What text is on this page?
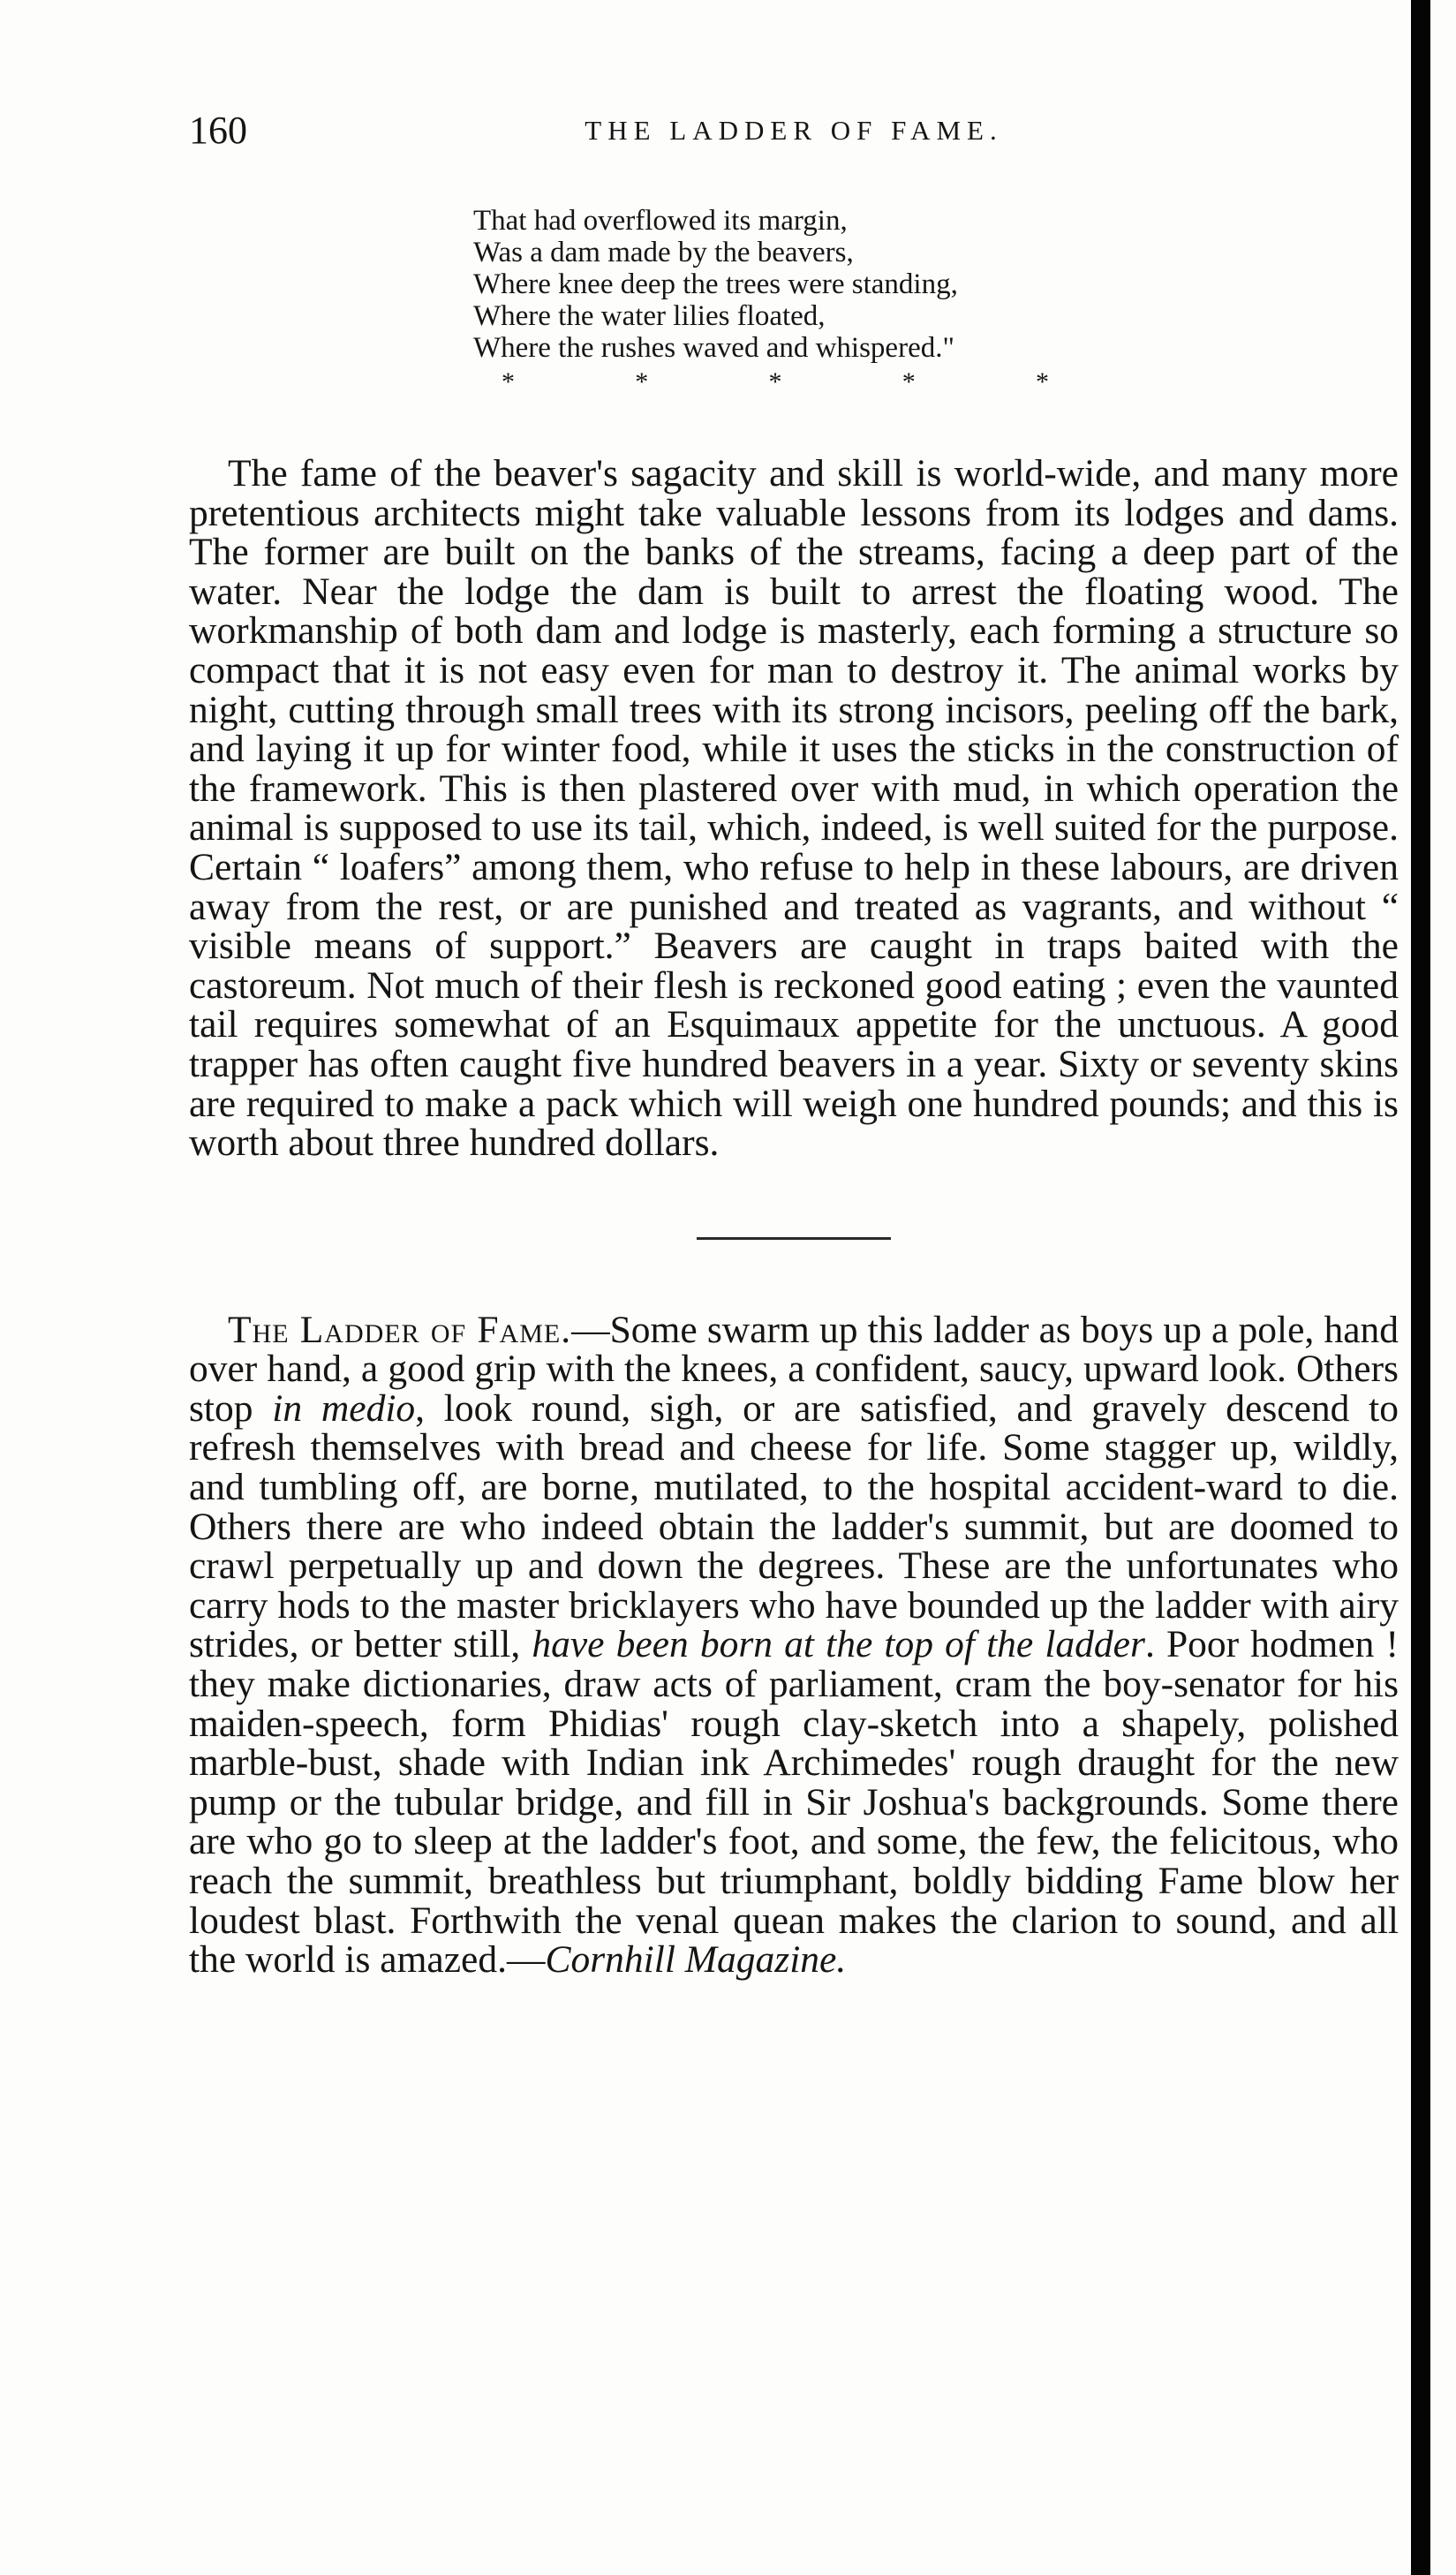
160	THE LADDER OF FAME.
That had overflowed its margin,
Was a dam made by the beavers,
Where knee deep the trees were standing,
Where the water lilies floated,
Where the rushes waved and whispered."
*	*	*	*	*

The fame of the beaver's sagacity and skill is world-wide, and many more pretentious architects might take valuable lessons from its lodges and dams. The former are built on the banks of the streams, facing a deep part of the water. Near the lodge the dam is built to arrest the floating wood. The workmanship of both dam and lodge is masterly, each forming a structure so compact that it is not easy even for man to destroy it. The animal works by night, cutting through small trees with its strong incisors, peeling off the bark, and laying it up for winter food, while it uses the sticks in the construction of the framework. This is then plastered over with mud, in which operation the animal is supposed to use its tail, which, indeed, is well suited for the purpose. Certain “ loafers” among them, who refuse to help in these labours, are driven away from the rest, or are punished and treated as vagrants, and without “ visible means of support.” Beavers are caught in traps baited with the castoreum. Not much of their flesh is reckoned good eating ; even the vaunted tail requires somewhat of an Esquimaux appetite for the unctuous. A good trapper has often caught five hundred beavers in a year. Sixty or seventy skins are required to make a pack which will weigh one hundred pounds; and this is worth about three hundred dollars.

The Ladder of Fame.—Some swarm up this ladder as boys up a pole, hand over hand, a good grip with the knees, a confident, saucy, upward look. Others stop in medio, look round, sigh, or are satisfied, and gravely descend to refresh themselves with bread and cheese for life. Some stagger up, wildly, and tumbling off, are borne, mutilated, to the hospital accident-ward to die. Others there are who indeed obtain the ladder's summit, but are doomed to crawl perpetually up and down the degrees. These are the unfortunates who carry hods to the master bricklayers who have bounded up the ladder with airy strides, or better still, have been born at the top of the ladder. Poor hodmen ! they make dictionaries, draw acts of parliament, cram the boy-senator for his maiden-speech, form Phidias' rough clay-sketch into a shapely, polished marble-bust, shade with Indian ink Archimedes' rough draught for the new pump or the tubular bridge, and fill in Sir Joshua's backgrounds. Some there are who go to sleep at the ladder's foot, and some, the few, the felicitous, who reach the summit, breathless but triumphant, boldly bidding Fame blow her loudest blast. Forthwith the venal quean makes the clarion to sound, and all the world is amazed.—Cornhill Magazine.
